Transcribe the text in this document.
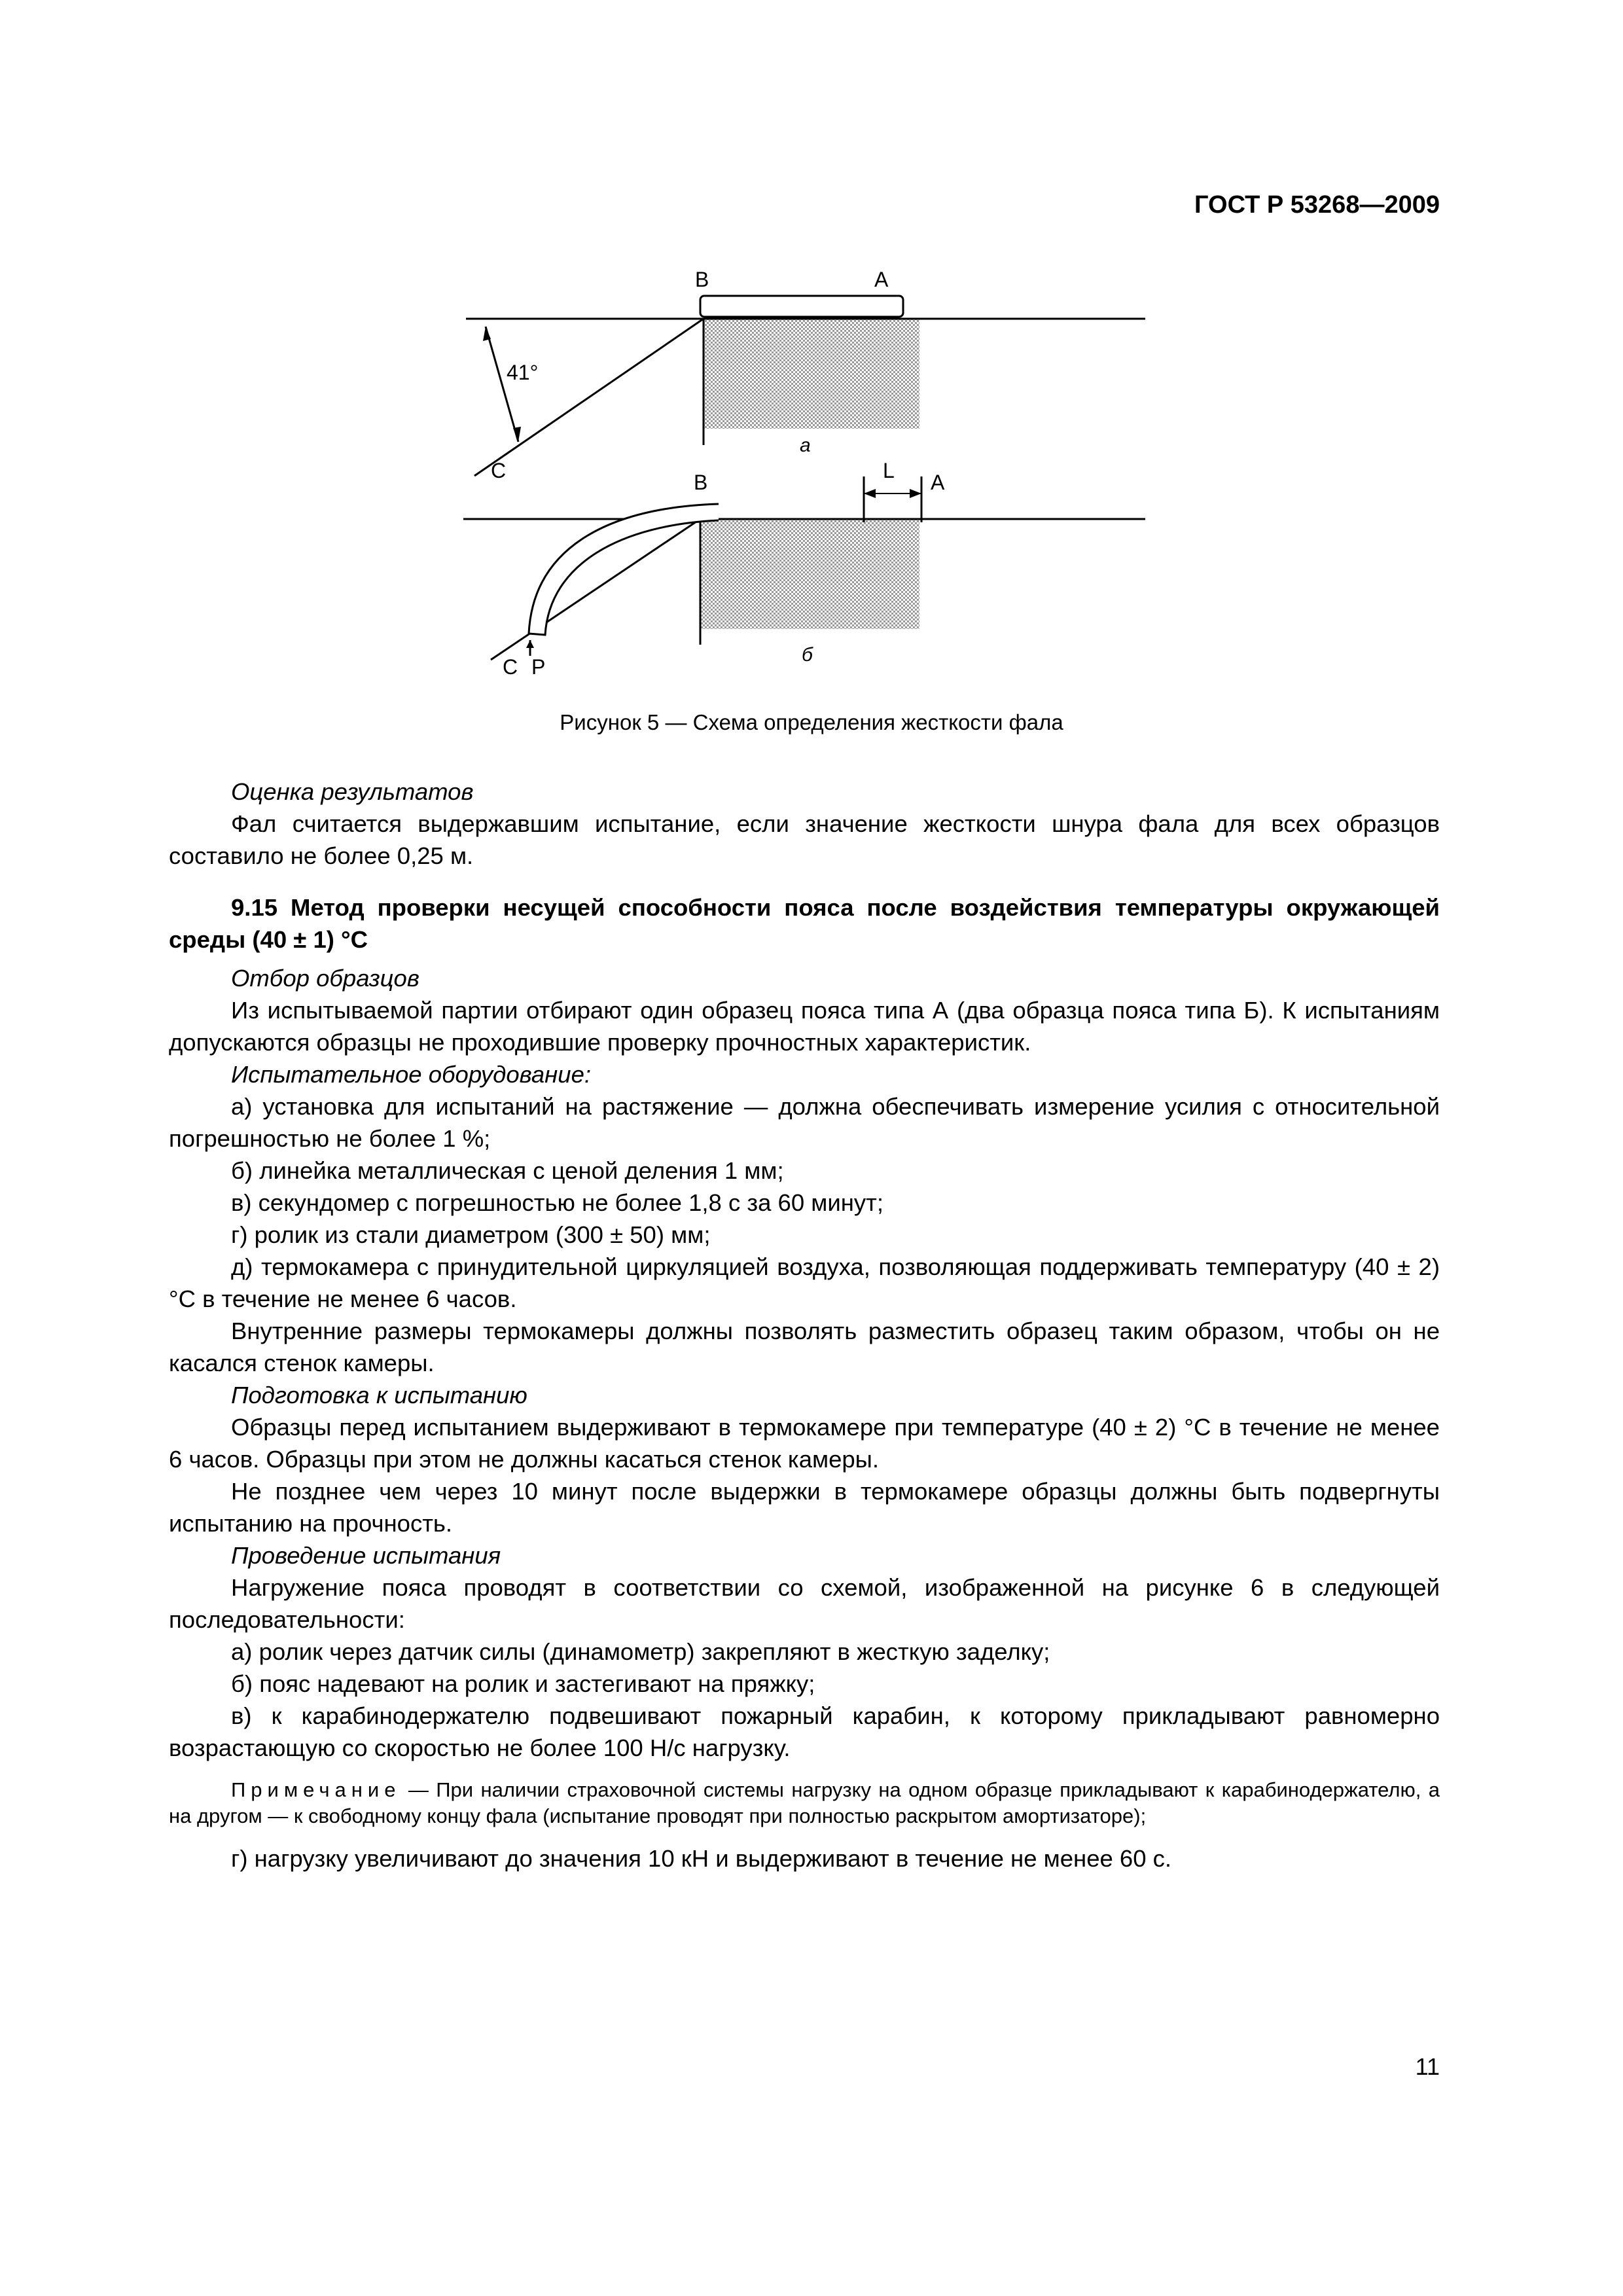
ГОСТ Р 53268—2009
В	А
41°
С
а
В	L А
С Р
б
Рисунок 5 — Схема определения жесткости фала

Оценка результатов

Фал считается выдержавшим испытание, если значение жесткости шнура фала для всех образцов составило не более 0,25 м.

9.15 Метод проверки несущей способности пояса после воздействия температуры окружающей среды (40 ± 1) °С

Отбор образцов

Из испытываемой партии отбирают один образец пояса типа А (два образца пояса типа Б). К испытаниям допускаются образцы не проходившие проверку прочностных характеристик.

Испытательное оборудование:

а) установка для испытаний на растяжение — должна обеспечивать измерение усилия с относительной погрешностью не более 1 %;

б) линейка металлическая с ценой деления 1 мм;

в) секундомер с погрешностью не более 1,8 с за 60 минут;

г) ролик из стали диаметром (300 ± 50) мм;

д) термокамера с принудительной циркуляцией воздуха, позволяющая поддерживать температуру (40 ± 2) °С в течение не менее 6 часов.

Внутренние размеры термокамеры должны позволять разместить образец таким образом, чтобы он не касался стенок камеры.

Подготовка к испытанию

Образцы перед испытанием выдерживают в термокамере при температуре (40 ± 2) °С в течение не менее 6 часов. Образцы при этом не должны касаться стенок камеры.

Не позднее чем через 10 минут после выдержки в термокамере образцы должны быть подвергнуты испытанию на прочность.

Проведение испытания

Нагружение пояса проводят в соответствии со схемой, изображенной на рисунке 6 в следующей последовательности:

а) ролик через датчик силы (динамометр) закрепляют в жесткую заделку;

б) пояс надевают на ролик и застегивают на пряжку;

в) к карабинодержателю подвешивают пожарный карабин, к которому прикладывают равномерно возрастающую со скоростью не более 100 Н/с нагрузку.

Примечание — При наличии страховочной системы нагрузку на одном образце прикладывают к карабинодержателю, а на другом — к свободному концу фала (испытание проводят при полностью раскрытом амортизаторе);

г) нагрузку увеличивают до значения 10 кН и выдерживают в течение не менее 60 с.

11
